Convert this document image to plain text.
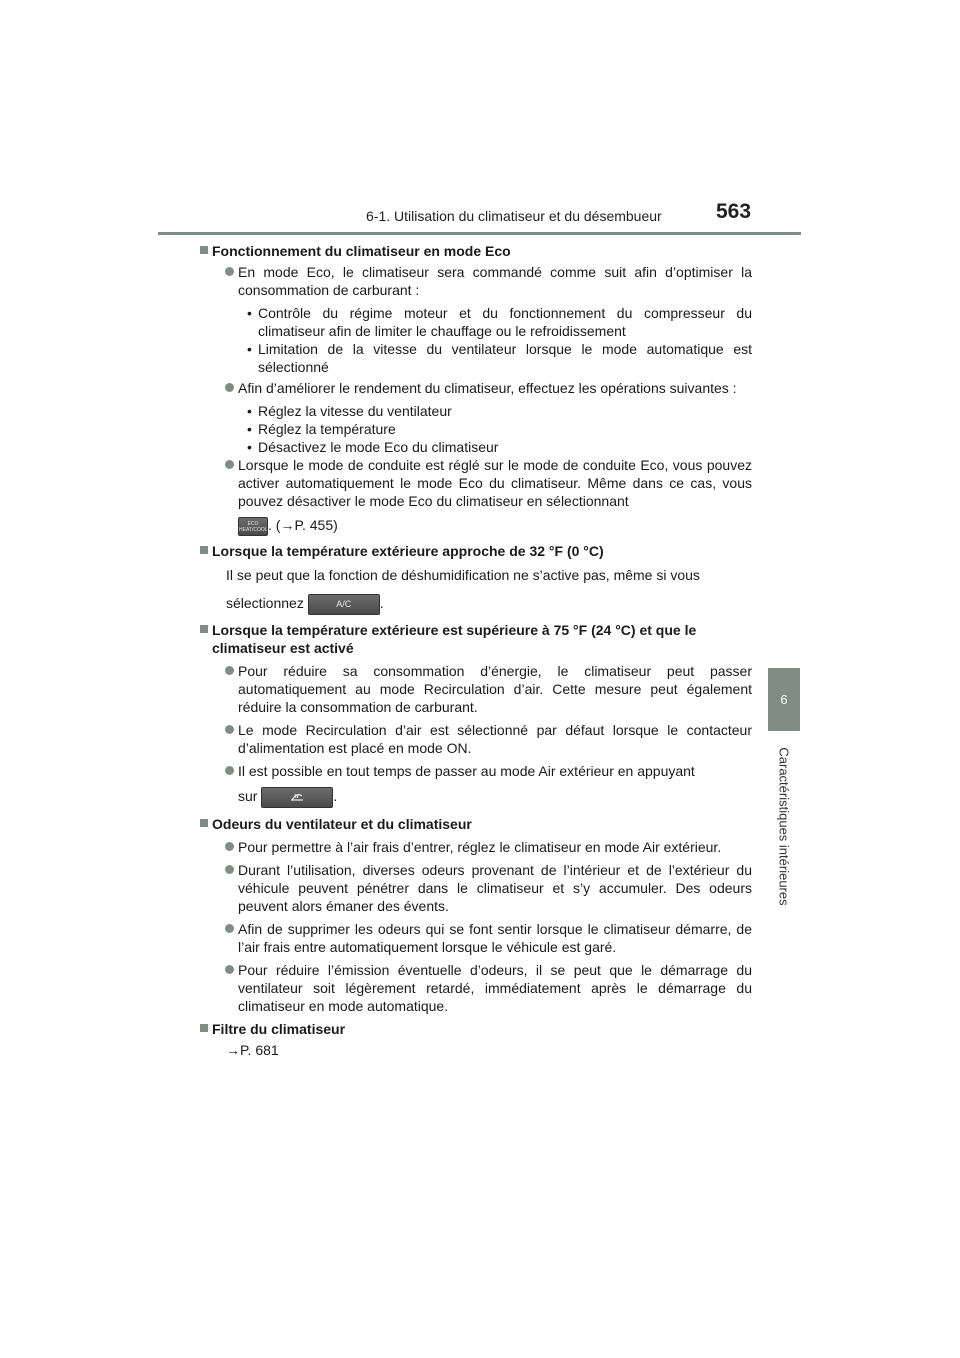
6-1. Utilisation du climatiseur et du désembueur	563
6
Caractéristiques intérieures
Fonctionnement du climatiseur en mode Eco
En mode Eco, le climatiseur sera commandé comme suit afin d’optimiser la consommation de carburant :
• Contrôle du régime moteur et du fonctionnement du compresseur du climatiseur afin de limiter le chauffage ou le refroidissement
• Limitation de la vitesse du ventilateur lorsque le mode automatique est sélectionné
Afin d’améliorer le rendement du climatiseur, effectuez les opérations suivantes :
• Réglez la vitesse du ventilateur
• Réglez la température
• Désactivez le mode Eco du climatiseur
Lorsque le mode de conduite est réglé sur le mode de conduite Eco, vous pouvez activer automatiquement le mode Eco du climatiseur. Même dans ce cas, vous pouvez désactiver le mode Eco du climatiseur en sélectionnant
ECO
HEAT/COOL. (→P. 455)
Lorsque la température extérieure approche de 32 °F (0 °C)
Il se peut que la fonction de déshumidification ne s’active pas, même si vous
sélectionnez	A/C .
Lorsque la température extérieure est supérieure à 75 °F (24 °C) et que le climatiseur est activé
Pour réduire sa consommation d’énergie, le climatiseur peut passer automatiquement au mode Recirculation d’air. Cette mesure peut également réduire la consommation de carburant.
Le mode Recirculation d’air est sélectionné par défaut lorsque le contacteur d’alimentation est placé en mode ON.
Il est possible en tout temps de passer au mode Air extérieur en appuyant
sur	.
Odeurs du ventilateur et du climatiseur
Pour permettre à l’air frais d’entrer, réglez le climatiseur en mode Air extérieur.
Durant l’utilisation, diverses odeurs provenant de l’intérieur et de l’extérieur du véhicule peuvent pénétrer dans le climatiseur et s’y accumuler. Des odeurs peuvent alors émaner des évents.
Afin de supprimer les odeurs qui se font sentir lorsque le climatiseur démarre, de l’air frais entre automatiquement lorsque le véhicule est garé.
Pour réduire l’émission éventuelle d’odeurs, il se peut que le démarrage du ventilateur soit légèrement retardé, immédiatement après le démarrage du climatiseur en mode automatique.
Filtre du climatiseur
→P. 681
